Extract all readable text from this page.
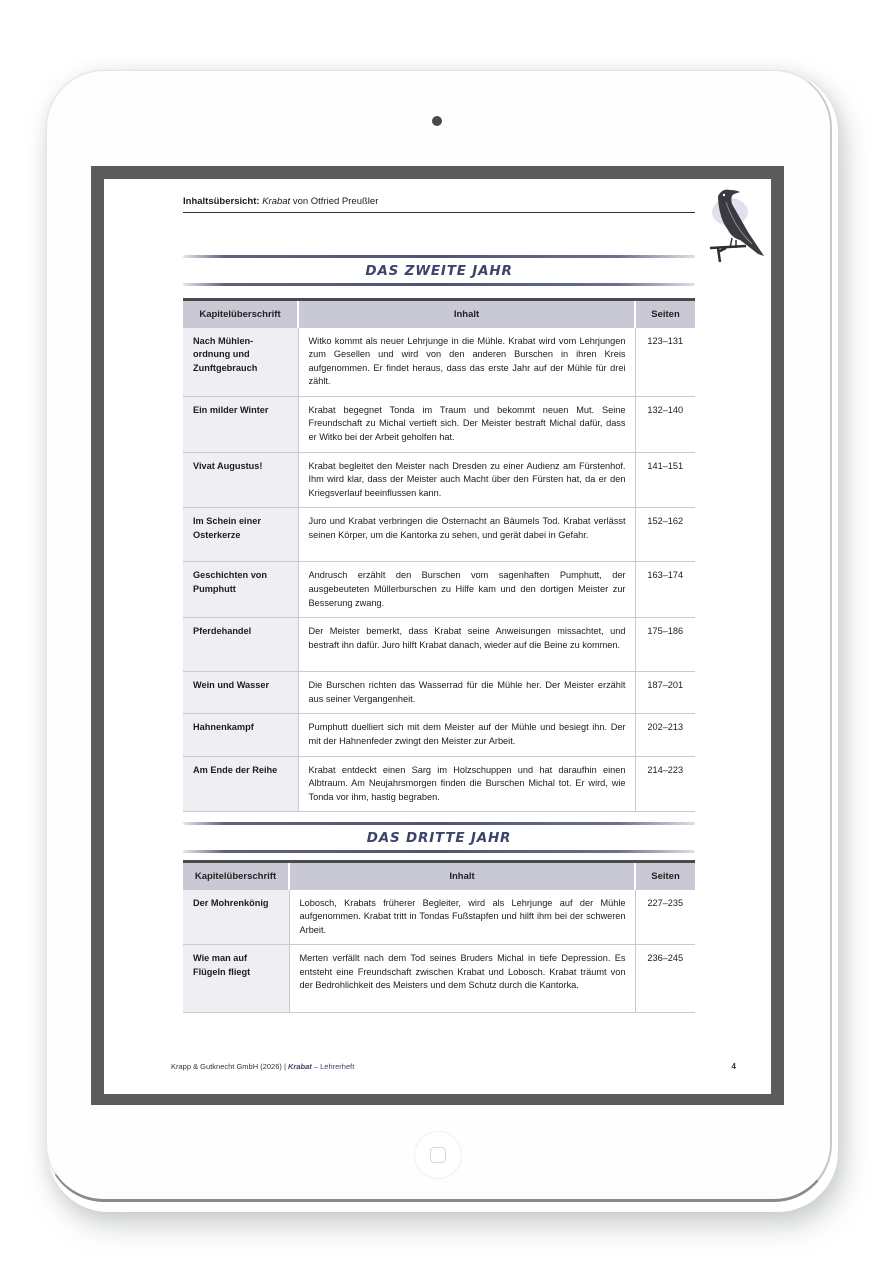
Inhaltsübersicht: Krabat von Otfried Preußler
DAS ZWEITE JAHR
Kapitelüberschrift	Inhalt	Seiten
Nach Mühlen-ordnung und Zunftgebrauch	Witko kommt als neuer Lehrjunge in die Mühle. Krabat wird vom Lehrjungen zum Gesellen und wird von den anderen Burschen in ihren Kreis aufgenommen. Er findet heraus, dass das erste Jahr auf der Mühle für drei zählt.	123–131
Ein milder Winter	Krabat begegnet Tonda im Traum und bekommt neuen Mut. Seine Freundschaft zu Michal vertieft sich. Der Meister bestraft Michal dafür, dass er Witko bei der Arbeit geholfen hat.	132–140
Vivat Augustus!	Krabat begleitet den Meister nach Dresden zu einer Audienz am Fürstenhof. Ihm wird klar, dass der Meister auch Macht über den Fürsten hat, da er den Kriegsverlauf beeinflussen kann.	141–151
Im Schein einer Osterkerze	Juro und Krabat verbringen die Osternacht an Bäumels Tod. Krabat verlässt seinen Körper, um die Kantorka zu sehen, und gerät dabei in Gefahr.	152–162
Geschichten von Pumphutt	Andrusch erzählt den Burschen vom sagenhaften Pumphutt, der ausgebeuteten Müllerburschen zu Hilfe kam und den dortigen Meister zur Besserung zwang.	163–174
Pferdehandel	Der Meister bemerkt, dass Krabat seine Anweisungen missachtet, und bestraft ihn dafür. Juro hilft Krabat danach, wieder auf die Beine zu kommen.	175–186
Wein und Wasser	Die Burschen richten das Wasserrad für die Mühle her. Der Meister erzählt aus seiner Vergangenheit.	187–201
Hahnenkampf	Pumphutt duelliert sich mit dem Meister auf der Mühle und besiegt ihn. Der mit der Hahnenfeder zwingt den Meister zur Arbeit.	202–213
Am Ende der Reihe	Krabat entdeckt einen Sarg im Holzschuppen und hat daraufhin einen Albtraum. Am Neujahrsmorgen finden die Burschen Michal tot. Er wird, wie Tonda vor ihm, hastig begraben.	214–223
DAS DRITTE JAHR
Kapitelüberschrift	Inhalt	Seiten
Der Mohrenkönig	Lobosch, Krabats früherer Begleiter, wird als Lehrjunge auf der Mühle aufgenommen. Krabat tritt in Tondas Fußstapfen und hilft ihm bei der schweren Arbeit.	227–235
Wie man auf Flügeln fliegt	Merten verfällt nach dem Tod seines Bruders Michal in tiefe Depression. Es entsteht eine Freundschaft zwischen Krabat und Lobosch. Krabat träumt von der Bedrohlichkeit des Meisters und dem Schutz durch die Kantorka.	236–245
Krapp & Gutknecht GmbH (2026) | Krabat – Lehrerheft	4
